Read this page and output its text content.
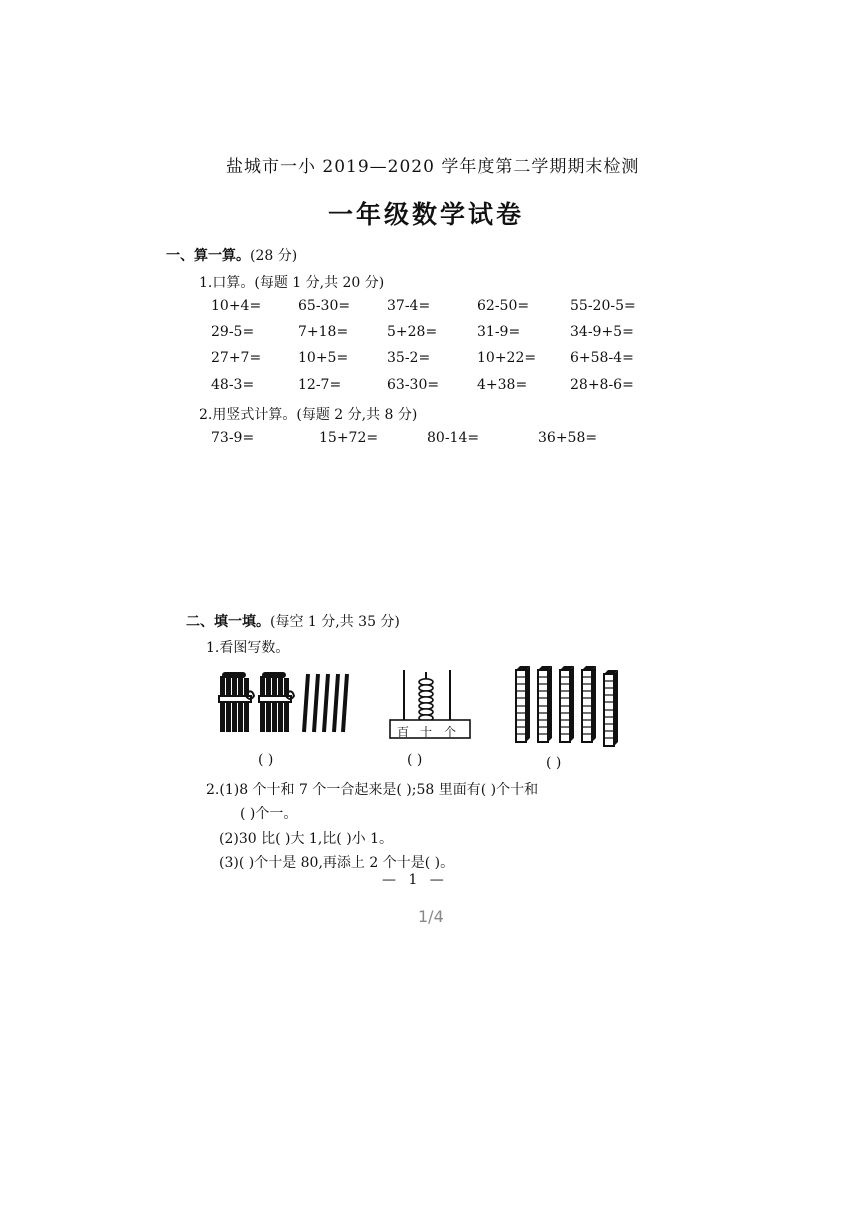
盐城市一小 2019—2020 学年度第二学期期末检测
一年级数学试卷
一、算一算。(28 分)
1.口算。(每题 1 分,共 20 分)
10+4=	65-30=	37-4=	62-50=	55-20-5=
29-5=	7+18=	5+28=	31-9=	34-9+5=
27+7=	10+5=	35-2=	10+22= 6+58-4=
48-3=	12-7=	63-30=	4+38=	28+8-6=
2.用竖式计算。(每题 2 分,共 8 分)
73-9=	15+72=	80-14=	36+58=
二、填一填。(每空 1 分,共 35 分)
1.看图写数。
百 十 个
( )	( )	( )
2.(1)8 个十和 7 个一合起来是( );58 里面有( )个十和
( )个一。
(2)30 比( )大 1,比( )小 1。
(3)( )个十是 80,再添上 2 个十是( )。
— 1 —
1/4
